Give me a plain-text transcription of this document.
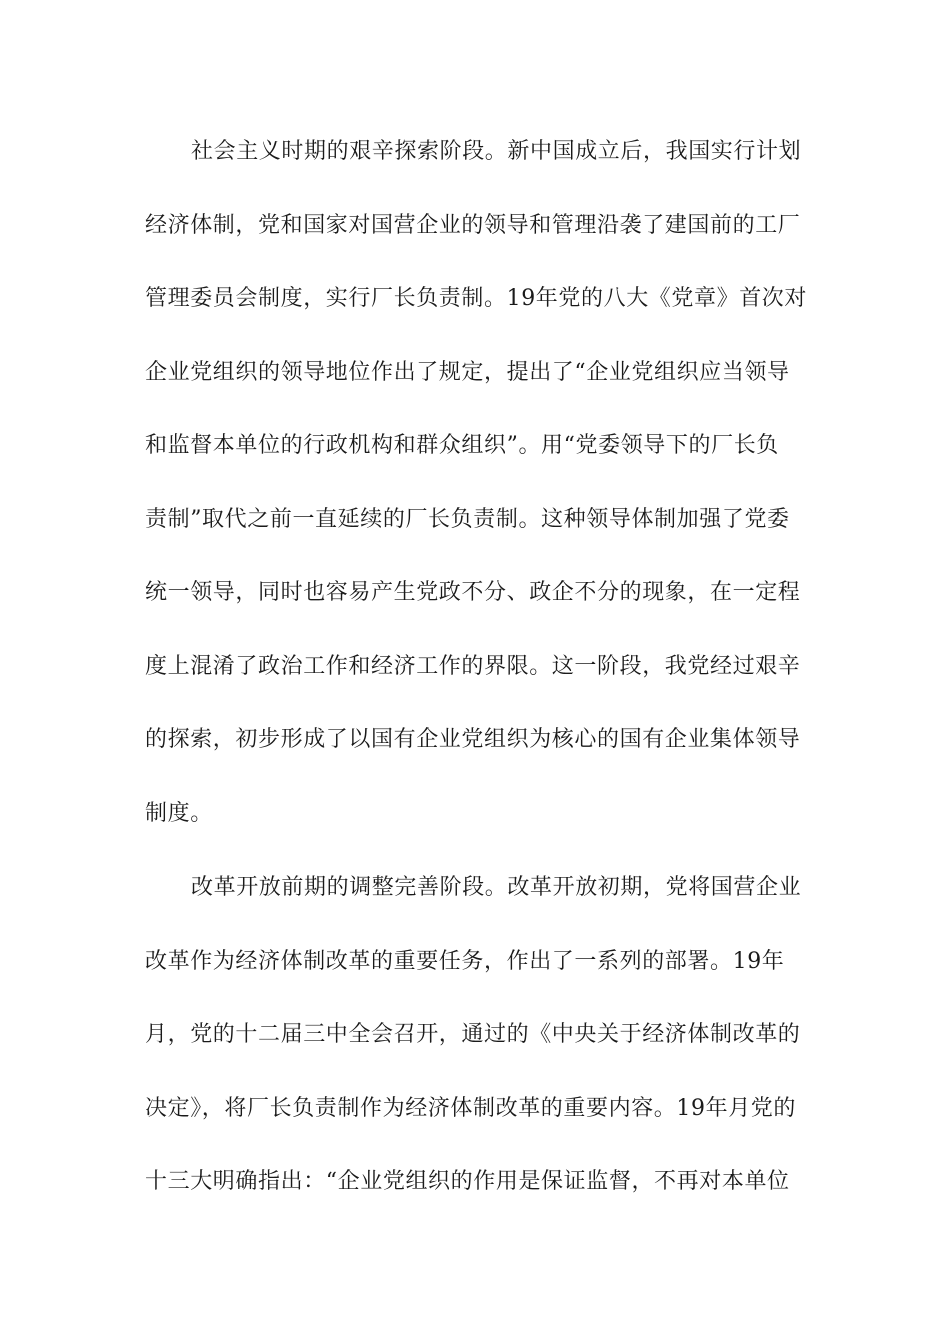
社会主义时期的艰辛探索阶段。新中国成立后，我国实行计划
经济体制，党和国家对国营企业的领导和管理沿袭了建国前的工厂
管理委员会制度，实行厂长负责制。19年党的八大《党章》首次对
企业党组织的领导地位作出了规定，提出了“企业党组织应当领导
和监督本单位的行政机构和群众组织”。用“党委领导下的厂长负
责制”取代之前一直延续的厂长负责制。这种领导体制加强了党委
统一领导，同时也容易产生党政不分、政企不分的现象，在一定程
度上混淆了政治工作和经济工作的界限。这一阶段，我党经过艰辛
的探索，初步形成了以国有企业党组织为核心的国有企业集体领导
制度。
改革开放前期的调整完善阶段。改革开放初期，党将国营企业
改革作为经济体制改革的重要任务，作出了一系列的部署。19年
月，党的十二届三中全会召开，通过的《中央关于经济体制改革的
决定》，将厂长负责制作为经济体制改革的重要内容。19年月党的
十三大明确指出：“企业党组织的作用是保证监督，不再对本单位
